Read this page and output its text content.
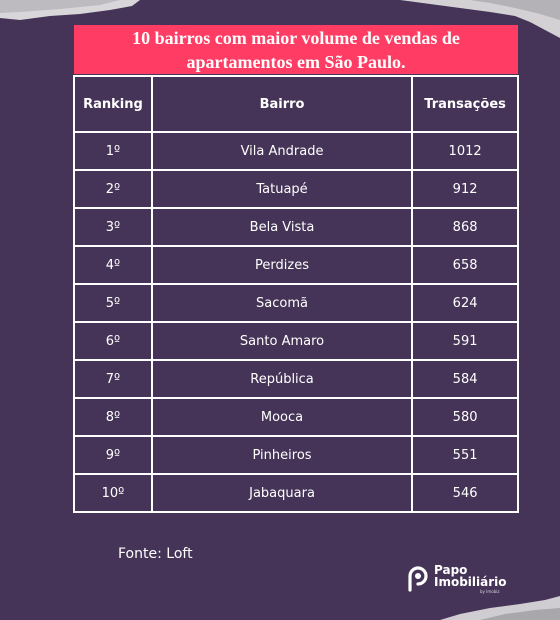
10 bairros com maior volume de vendas de
apartamentos em São Paulo.
Ranking	Bairro	Transações
1º	Vila Andrade	1012
2º	Tatuapé	912
3º	Bela Vista	868
4º	Perdizes	658
5º	Sacomã	624
6º	Santo Amaro	591
7º	República	584
8º	Mooca	580
9º	Pinheiros	551
10º	Jabaquara	546
Fonte: Loft
Papo
Imobiliário
by Imobiz
